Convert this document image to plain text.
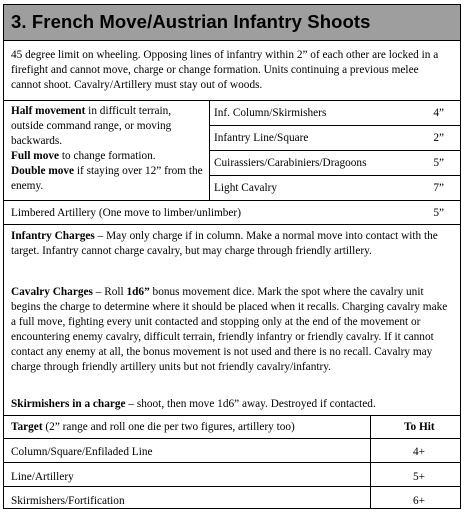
3. French Move/Austrian Infantry Shoots

45 degree limit on wheeling. Opposing lines of infantry within 2” of each other are locked in a firefight and cannot move, charge or change formation. Units continuing a previous melee cannot shoot. Cavalry/Artillery must stay out of woods.

Half movement in difficult terrain, outside command range, or moving backwards.
Full move to change formation.
Double move if staying over 12” from the enemy.
Inf. Column/Skirmishers	4”
Infantry Line/Square	2”
Cuirassiers/Carabiniers/Dragoons	5”
Light Cavalry	7”
Limbered Artillery (One move to limber/unlimber)	5”

Infantry Charges – May only charge if in column. Make a normal move into contact with the target. Infantry cannot charge cavalry, but may charge through friendly artillery.

Cavalry Charges – Roll 1d6” bonus movement dice. Mark the spot where the cavalry unit begins the charge to determine where it should be placed when it recalls. Charging cavalry make a full move, fighting every unit contacted and stopping only at the end of the movement or encountering enemy cavalry, difficult terrain, friendly infantry or friendly cavalry. If it cannot contact any enemy at all, the bonus movement is not used and there is no recall. Cavalry may charge through friendly artillery units but not friendly cavalry/infantry.

Skirmishers in a charge – shoot, then move 1d6” away. Destroyed if contacted.

Target (2” range and roll one die per two figures, artillery too)	To Hit
Column/Square/Enfiladed Line	4+
Line/Artillery	5+
Skirmishers/Fortification	6+
